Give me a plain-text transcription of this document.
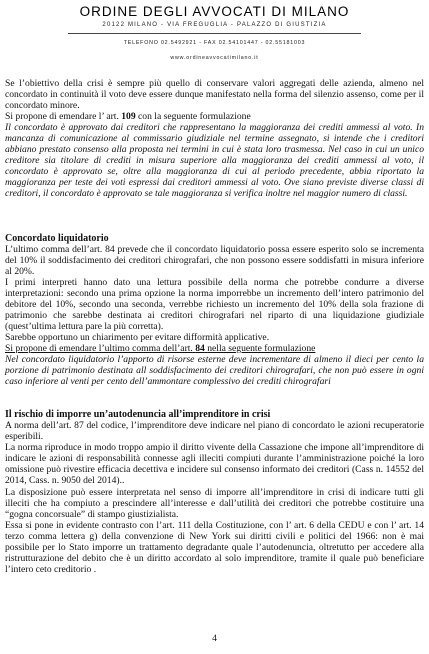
ORDINE DEGLI AVVOCATI DI MILANO
20122 MILANO - VIA FREGUGLIA - PALAZZO DI GIUSTIZIA
TELEFONO 02.5492921 - FAX 02.54101447 - 02.55181003
www.ordineavvocatimilano.it

Se l’obiettivo della crisi è sempre più quello di conservare valori aggregati delle azienda, almeno nel concordato in continuità il voto deve essere dunque manifestato nella forma del silenzio assenso, come per il concordato minore.

Si propone di emendare l’ art. 109 con la seguente formulazione

Il concordato è approvato dai creditori che rappresentano la maggioranza dei crediti ammessi al voto. In mancanza di comunicazione al commissario giudiziale nel termine assegnato, si intende che i creditori abbiano prestato consenso alla proposta nei termini in cui è stata loro trasmessa. Nel caso in cui un unico creditore sia titolare di crediti in misura superiore alla maggioranza dei crediti ammessi al voto, il concordato è approvato se, oltre alla maggioranza di cui al periodo precedente, abbia riportato la maggioranza per teste dei voti espressi dai creditori ammessi al voto. Ove siano previste diverse classi di creditori, il concordato è approvato se tale maggioranza si verifica inoltre nel maggior numero di classi.

Concordato liquidatorio

L’ultimo comma dell’art. 84 prevede che il concordato liquidatorio possa essere esperito solo se incrementa del 10% il soddisfacimento dei creditori chirografari, che non possono essere soddisfatti in misura inferiore al 20%.

I primi interpreti hanno dato una lettura possibile della norma che potrebbe condurre a diverse interpretazioni: secondo una prima opzione la norma imporrebbe un incremento dell’intero patrimonio del debitore del 10%, secondo una seconda, verrebbe richiesto un incremento del 10% della sola frazione di patrimonio che sarebbe destinata ai creditori chirografari nel riparto di una liquidazione giudiziale (quest’ultima lettura pare la più corretta).

Sarebbe opportuno un chiarimento per evitare difformità applicative.

Si propone di emendare l’ultimo comma dell’art. 84 nella seguente formulazione

Nel concordato liquidatorio l’apporto di risorse esterne deve incrementare di almeno il dieci per cento la porzione di patrimonio destinata all soddisfacimento dei creditori chirografari, che non può essere in ogni caso inferiore al venti per cento dell’ammontare complessivo dei crediti chirografari

Il rischio di imporre un’autodenuncia all’imprenditore in crisi

A norma dell’art. 87 del codice, l’imprenditore deve indicare nel piano di concordato le azioni recuperatorie esperibili.

La norma riproduce in modo troppo ampio il diritto vivente della Cassazione che impone all’imprenditore di indicare le azioni di responsabilità connesse agli illeciti compiuti durante l’amministrazione poiché la loro omissione può rivestire efficacia decettiva e incidere sul consenso informato dei creditori (Cass n. 14552 del 2014, Cass. n. 9050 del 2014)..

La disposizione può essere interpretata nel senso di imporre all’imprenditore in crisi di indicare tutti gli illeciti che ha compiuto a prescindere all’interesse e dall’utilità dei creditori che potrebbe costituire una “gogna concorsuale” di stampo giustizialista.

Essa si pone in evidente contrasto con l’art. 111 della Costituzione, con l’ art. 6 della CEDU e con l’ art. 14 terzo comma lettera g) della convenzione di New York sui diritti civili e politici del 1966: non è mai possibile per lo Stato imporre un trattamento degradante quale l’autodenuncia, oltretutto per accedere alla ristrutturazione del debito che è un diritto accordato al solo imprenditore, tramite il quale può beneficiare l’intero ceto creditorio .

4
